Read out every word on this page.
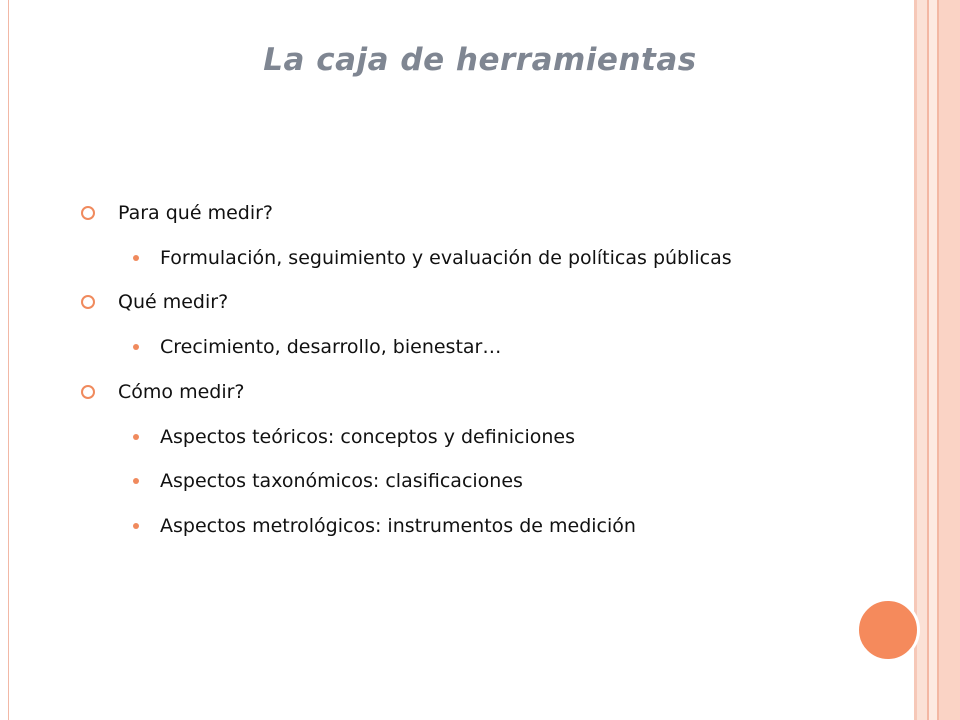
La caja de herramientas
Para qué medir?
Formulación, seguimiento y evaluación de políticas públicas
Qué medir?
Crecimiento, desarrollo, bienestar…
Cómo medir?
Aspectos teóricos: conceptos y definiciones
Aspectos taxonómicos: clasificaciones
Aspectos metrológicos: instrumentos de medición
